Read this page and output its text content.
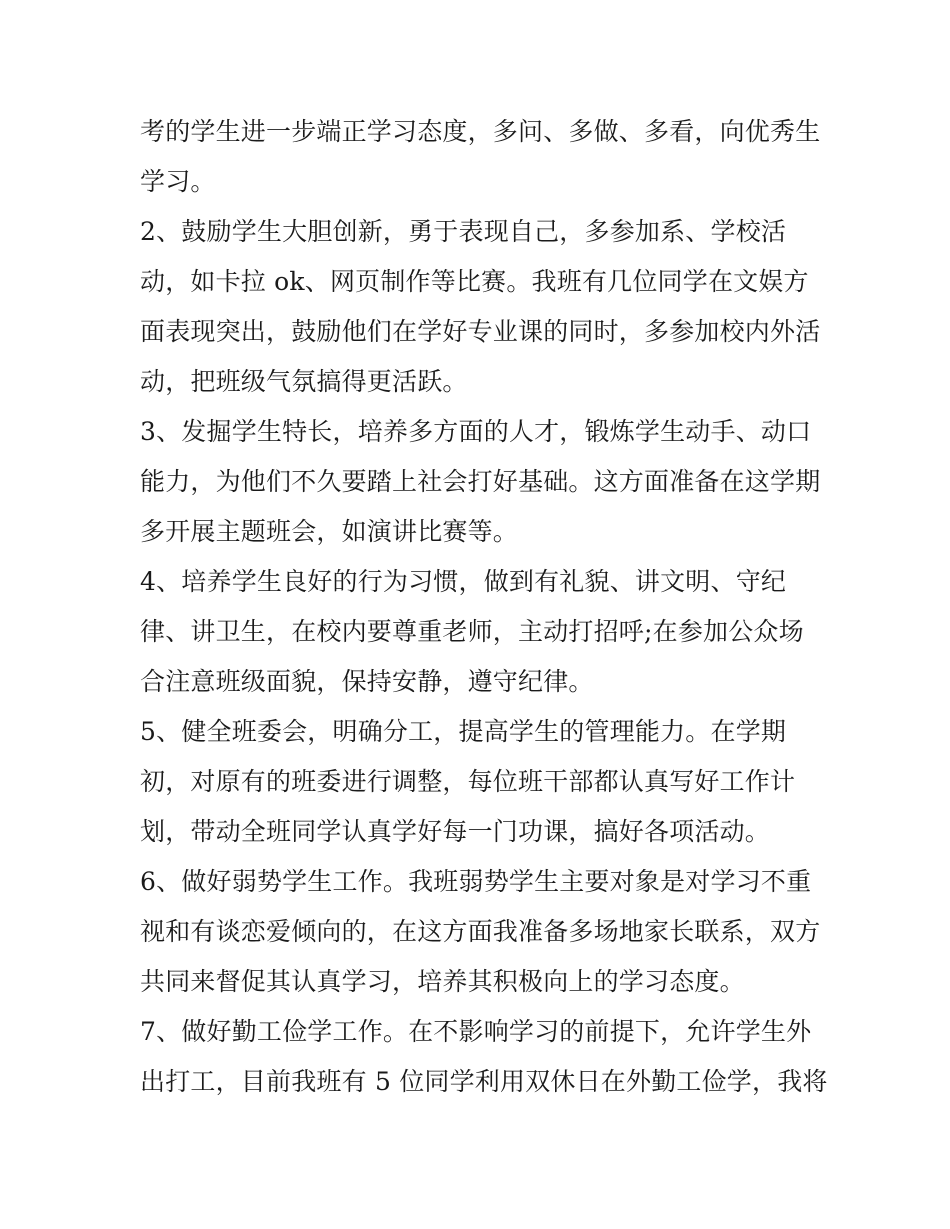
考的学生进一步端正学习态度，多问、多做、多看，向优秀生
学习。
2、鼓励学生大胆创新，勇于表现自己，多参加系、学校活
动，如卡拉 ok、网页制作等比赛。我班有几位同学在文娱方
面表现突出，鼓励他们在学好专业课的同时，多参加校内外活
动，把班级气氛搞得更活跃。
3、发掘学生特长，培养多方面的人才，锻炼学生动手、动口
能力，为他们不久要踏上社会打好基础。这方面准备在这学期
多开展主题班会，如演讲比赛等。
4、培养学生良好的行为习惯，做到有礼貌、讲文明、守纪
律、讲卫生，在校内要尊重老师，主动打招呼;在参加公众场
合注意班级面貌，保持安静，遵守纪律。
5、健全班委会，明确分工，提高学生的管理能力。在学期
初，对原有的班委进行调整，每位班干部都认真写好工作计
划，带动全班同学认真学好每一门功课，搞好各项活动。
6、做好弱势学生工作。我班弱势学生主要对象是对学习不重
视和有谈恋爱倾向的，在这方面我准备多场地家长联系，双方
共同来督促其认真学习，培养其积极向上的学习态度。
7、做好勤工俭学工作。在不影响学习的前提下，允许学生外
出打工，目前我班有 5 位同学利用双休日在外勤工俭学，我将
